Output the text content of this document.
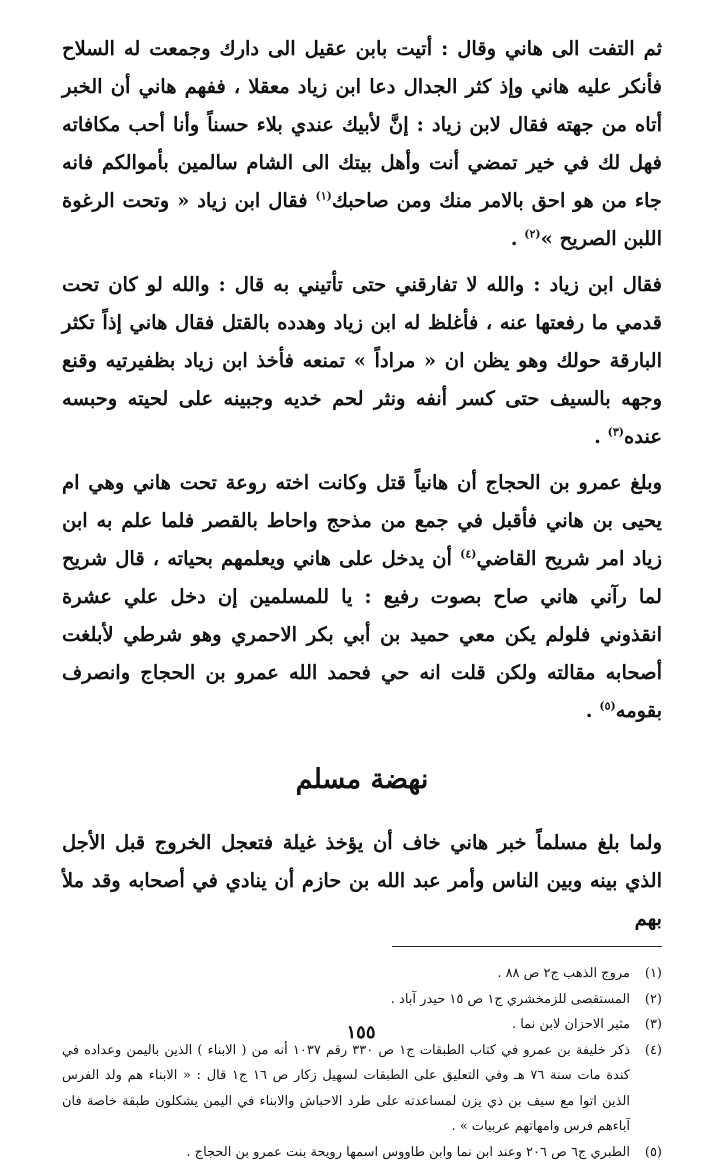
ثم التفت الى هاني وقال : أتيت بابن عقيل الى دارك وجمعت له السلاح فأنكر عليه هاني وإذ كثر الجدال دعا ابن زياد معقلا ، ففهم هاني أن الخبر أتاه من جهته فقال لابن زياد : إنَّ لأبيك عندي بلاء حسناً وأنا أحب مكافاته فهل لك في خير تمضي أنت وأهل بيتك الى الشام سالمين بأموالكم فانه جاء من هو احق بالامر منك ومن صاحبك$^{(١)}$ فقال ابن زياد « وتحت الرغوة اللبن الصريح »$^{(٢)}$ .

فقال ابن زياد : والله لا تفارقني حتى تأتيني به قال : والله لو كان تحت قدمي ما رفعتها عنه ، فأغلظ له ابن زياد وهدده بالقتل فقال هاني إذاً تكثر البارقة حولك وهو يظن ان « مراداً » تمنعه فأخذ ابن زياد بظفيرتيه وقنع وجهه بالسيف حتى كسر أنفه ونثر لحم خديه وجبينه على لحيته وحبسه عنده$^{(٣)}$ .

وبلغ عمرو بن الحجاج أن هانياً قتل وكانت اخته روعة تحت هاني وهي ام يحيى بن هاني فأقبل في جمع من مذحج واحاط بالقصر فلما علم به ابن زياد امر شريح القاضي$^{(٤)}$ أن يدخل على هاني ويعلمهم بحياته ، قال شريح لما رآني هاني صاح بصوت رفيع : يا للمسلمين إن دخل علي عشرة انقذوني فلولم يكن معي حميد بن أبي بكر الاحمري وهو شرطي لأبلغت أصحابه مقالته ولكن قلت انه حي فحمد الله عمرو بن الحجاج وانصرف بقومه$^{(٥)}$ .

نهضة مسلم

ولما بلغ مسلماً خبر هاني خاف أن يؤخذ غيلة فتعجل الخروج قبل الأجل الذي بينه وبين الناس وأمر عبد الله بن حازم أن ينادي في أصحابه وقد ملأ بهم

(١)
مروج الذهب ج٢ ص ٨٨ .
(٢)
المستقصى للزمخشري ج١ ص ١٥ حيدر آباد .
(٣)
مثير الاحزان لابن نما .
(٤)
ذكر خليفة بن عمرو في كتاب الطبقات ج١ ص ٣٣٠ رقم ١٠٣٧ أنه من ( الابناء ) الذين باليمن وعداده في كندة مات سنة ٧٦ هـ وفي التعليق على الطبقات لسهيل زكار ص ١٦ ج١ قال : « الابناء هم ولد الفرس الذين اتوا مع سيف بن ذي يزن لمساعدته على طرد الاحباش والابناء في اليمن يشكلون طبقة خاصة فان آباءهم فرس وامهاتهم عربيات » .
(٥)
الطبري ج٦ ص ٢٠٦ وعند ابن نما وابن طاووس اسمها رويحة بنت عمرو بن الحجاج .
١٥٥
